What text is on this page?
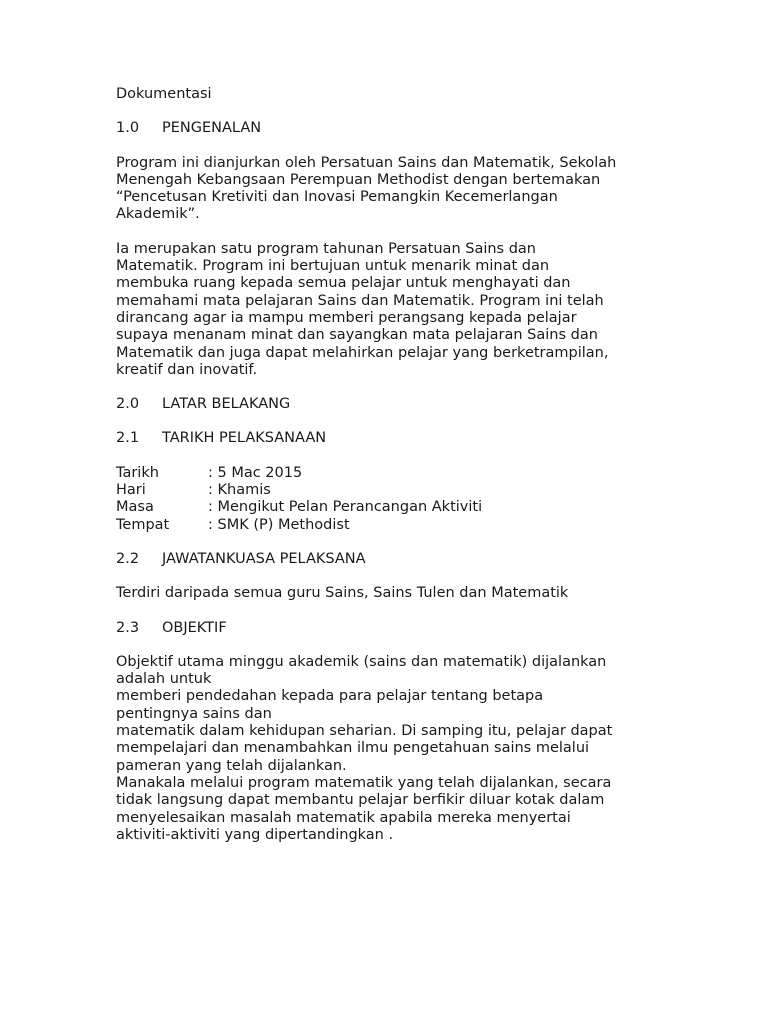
Dokumentasi

1.0	PENGENALAN

Program ini dianjurkan oleh Persatuan Sains dan Matematik, Sekolah

Menengah Kebangsaan Perempuan Methodist dengan bertemakan

“Pencetusan Kretiviti dan Inovasi Pemangkin Kecemerlangan

Akademik”.

Ia merupakan satu program tahunan Persatuan Sains dan

Matematik. Program ini bertujuan untuk menarik minat dan

membuka ruang kepada semua pelajar untuk menghayati dan

memahami mata pelajaran Sains dan Matematik. Program ini telah

dirancang agar ia mampu memberi perangsang kepada pelajar

supaya menanam minat dan sayangkan mata pelajaran Sains dan

Matematik dan juga dapat melahirkan pelajar yang berketrampilan,

kreatif dan inovatif.

2.0	LATAR BELAKANG
2.1	TARIKH PELAKSANAAN
Tarikh	: 5 Mac 2015
Hari	: Khamis
Masa	: Mengikut Pelan Perancangan Aktiviti
Tempat	: SMK (P) Methodist
2.2	JAWATANKUASA PELAKSANA

Terdiri daripada semua guru Sains, Sains Tulen dan Matematik

2.3	OBJEKTIF

Objektif utama minggu akademik (sains dan matematik) dijalankan

adalah untuk

memberi pendedahan kepada para pelajar tentang betapa

pentingnya sains dan

matematik dalam kehidupan seharian. Di samping itu, pelajar dapat

mempelajari dan menambahkan ilmu pengetahuan sains melalui

pameran yang telah dijalankan.

Manakala melalui program matematik yang telah dijalankan, secara

tidak langsung dapat membantu pelajar berfikir diluar kotak dalam

menyelesaikan masalah matematik apabila mereka menyertai

aktiviti-aktiviti yang dipertandingkan .
